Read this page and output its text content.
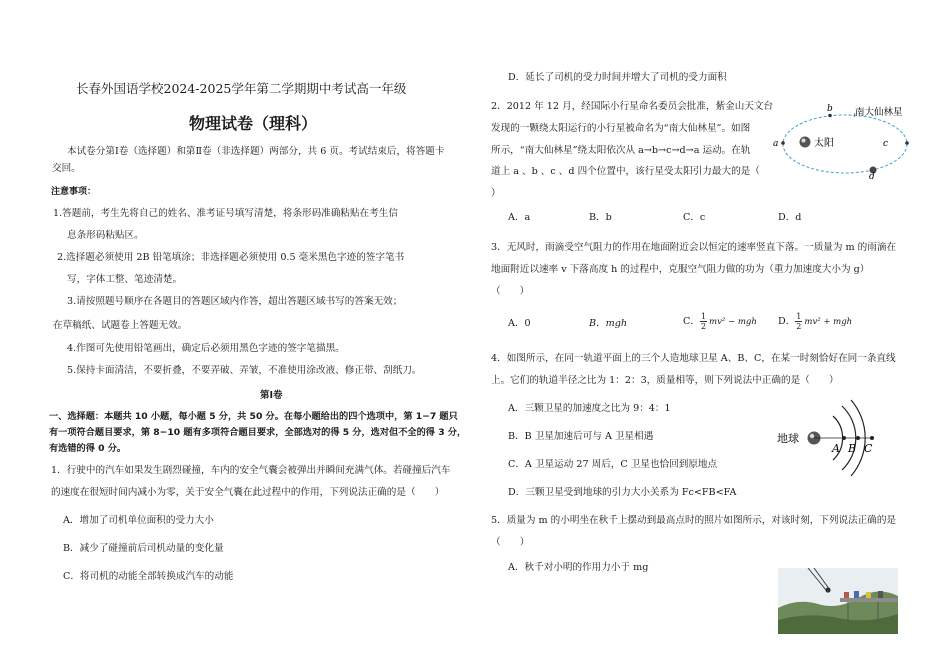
长春外国语学校2024-2025学年第二学期期中考试高一年级
物理试卷（理科）
本试卷分第Ⅰ卷（选择题）和第Ⅱ卷（非选择题）两部分，共 6 页。考试结束后，将答题卡
交回。
注意事项：
1.答题前，考生先将自己的姓名、准考证号填写清楚，将条形码准确粘贴在考生信
息条形码粘贴区。
2.选择题必须使用 2B 铅笔填涂；非选择题必须使用 0.5 毫米黑色字迹的签字笔书
写，字体工整、笔迹清楚。
3.请按照题号顺序在各题目的答题区域内作答，超出答题区域书写的答案无效；
在草稿纸、试题卷上答题无效。
4.作图可先使用铅笔画出，确定后必须用黑色字迹的签字笔描黑。
5.保持卡面清洁，不要折叠，不要弄破、弄皱，不准使用涂改液、修正带、刮纸刀。
第Ⅰ卷
一、选择题：本题共 10 小题，每小题 5 分，共 50 分。在每小题给出的四个选项中，第 1−7 题只
有一项符合题目要求，第 8−10 题有多项符合题目要求，全部选对的得 5 分，选对但不全的得 3 分，
有选错的得 0 分。
1．行驶中的汽车如果发生剧烈碰撞，车内的安全气囊会被弹出并瞬间充满气体。若碰撞后汽车
的速度在很短时间内减小为零，关于安全气囊在此过程中的作用，下列说法正确的是（　　）
A．增加了司机单位面积的受力大小
B．减少了碰撞前后司机动量的变化量
C．将司机的动能全部转换成汽车的动能
D．延长了司机的受力时间并增大了司机的受力面积
2．2012 年 12 月，经国际小行星命名委员会批准，紫金山天文台
发现的一颗绕太阳运行的小行星被命名为“南大仙林星”。如图
所示，“南大仙林星”绕太阳依次从 a→b→c→d→a 运动。在轨
道上 a 、b 、c 、d 四个位置中，该行星受太阳引力最大的是（
）
A．a	B．b	C．c	D．d
太阳
a
b
c
d
南大仙林星
3．无风时，雨滴受空气阻力的作用在地面附近会以恒定的速率竖直下落。一质量为 m 的雨滴在
地面附近以速率 v 下落高度 h 的过程中，克服空气阻力做的功为（重力加速度大小为 g）
（　　）
A．0	B．mgh	C． $\frac{1}{2} mv^2$ − mgh D． $\frac{1}{2} mv^2$ + mgh
4．如图所示，在同一轨道平面上的三个人造地球卫星 A、B、C，在某一时刻恰好在同一条直线
上。它们的轨道半径之比为 1：2：3，质量相等，则下列说法中正确的是（　　）
A．三颗卫星的加速度之比为 9：4：1
B．B 卫星加速后可与 A 卫星相遇
C．A 卫星运动 27 周后，C 卫星也恰回到原地点
D．三颗卫星受到地球的引力大小关系为 Fc<FB<FA
地球
A B C
5．质量为 m 的小明坐在秋千上摆动到最高点时的照片如图所示，对该时刻，下列说法正确的是
（　　）
A．秋千对小明的作用力小于 mg
